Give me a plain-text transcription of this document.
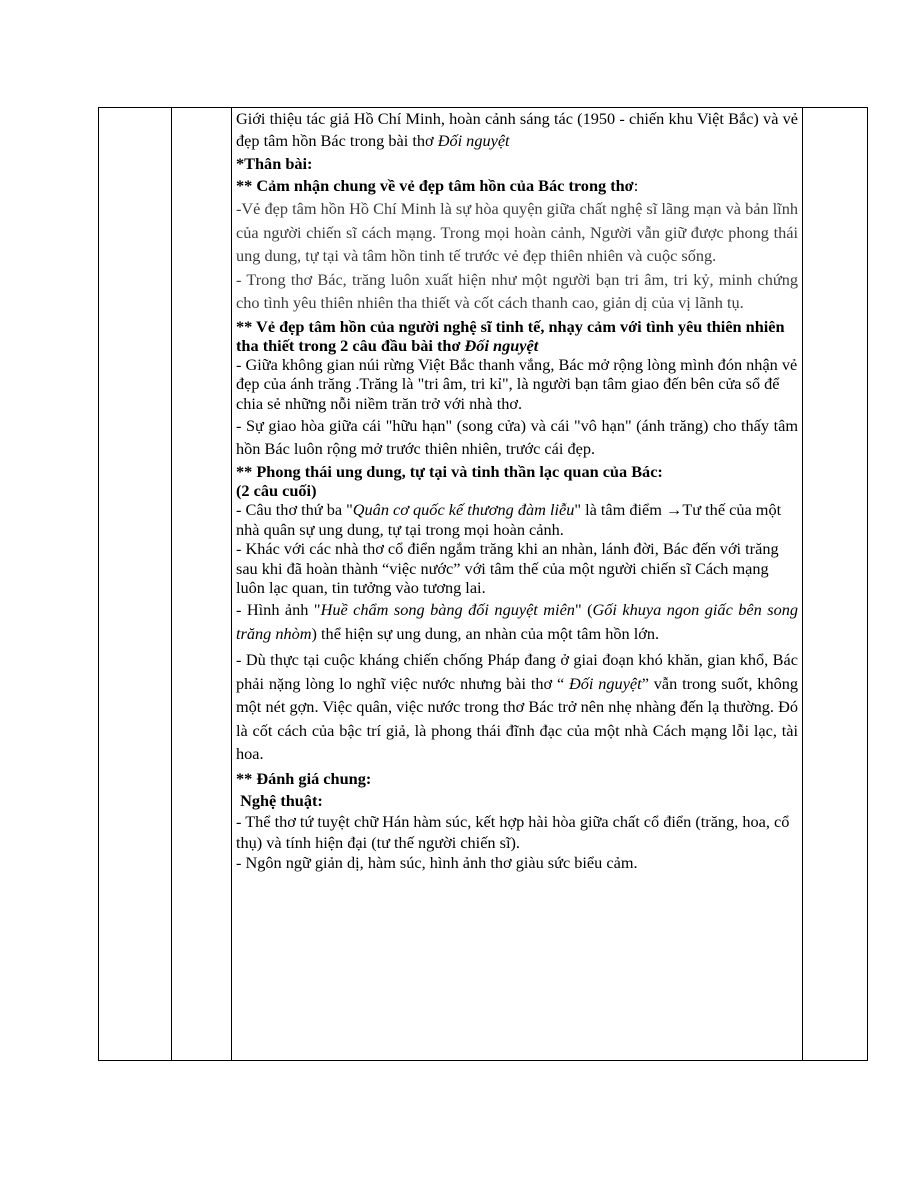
Giới thiệu tác giả Hồ Chí Minh, hoàn cảnh sáng tác (1950 - chiến khu Việt Bắc) và vẻ đẹp tâm hồn Bác trong bài thơ Đối nguyệt

*Thân bài:

** Cảm nhận chung về vẻ đẹp tâm hồn của Bác trong thơ:

-Vẻ đẹp tâm hồn Hồ Chí Minh là sự hòa quyện giữa chất nghệ sĩ lãng mạn và bản lĩnh của người chiến sĩ cách mạng. Trong mọi hoàn cảnh, Người vẫn giữ được phong thái ung dung, tự tại và tâm hồn tinh tế trước vẻ đẹp thiên nhiên và cuộc sống.

- Trong thơ Bác, trăng luôn xuất hiện như một người bạn tri âm, tri kỷ, minh chứng cho tình yêu thiên nhiên tha thiết và cốt cách thanh cao, giản dị của vị lãnh tụ.

** Vẻ đẹp tâm hồn của người nghệ sĩ tinh tế, nhạy cảm với tình yêu thiên nhiên tha thiết trong 2 câu đầu bài thơ Đối nguyệt

- Giữa không gian núi rừng Việt Bắc thanh vắng, Bác mở rộng lòng mình đón nhận vẻ đẹp của ánh trăng .Trăng là "tri âm, tri kỉ", là người bạn tâm giao đến bên cửa sổ để chia sẻ những nỗi niềm trăn trở với nhà thơ.

- Sự giao hòa giữa cái "hữu hạn" (song cửa) và cái "vô hạn" (ánh trăng) cho thấy tâm hồn Bác luôn rộng mở trước thiên nhiên, trước cái đẹp.

** Phong thái ung dung, tự tại và tinh thần lạc quan của Bác:
(2 câu cuối)

- Câu thơ thứ ba "Quân cơ quốc kế thương đàm liễu" là tâm điểm →Tư thế của một nhà quân sự ung dung, tự tại trong mọi hoàn cảnh.

- Khác với các nhà thơ cổ điển ngắm trăng khi an nhàn, lánh đời, Bác đến với trăng sau khi đã hoàn thành “việc nước” với tâm thế của một người chiến sĩ Cách mạng luôn lạc quan, tin tưởng vào tương lai.

- Hình ảnh "Huề chẩm song bàng đối nguyệt miên" (Gối khuya ngon giấc bên song trăng nhòm) thể hiện sự ung dung, an nhàn của một tâm hồn lớn.

- Dù thực tại cuộc kháng chiến chống Pháp đang ở giai đoạn khó khăn, gian khổ, Bác phải nặng lòng lo nghĩ việc nước nhưng bài thơ “ Đối nguyệt” vẫn trong suốt, không một nét gợn. Việc quân, việc nước trong thơ Bác trở nên nhẹ nhàng đến lạ thường. Đó là cốt cách của bậc trí giả, là phong thái đĩnh đạc của một nhà Cách mạng lỗi lạc, tài hoa.

** Đánh giá chung:

Nghệ thuật:

- Thể thơ tứ tuyệt chữ Hán hàm súc, kết hợp hài hòa giữa chất cổ điển (trăng, hoa, cổ thụ) và tính hiện đại (tư thế người chiến sĩ).

- Ngôn ngữ giản dị, hàm súc, hình ảnh thơ giàu sức biểu cảm.
